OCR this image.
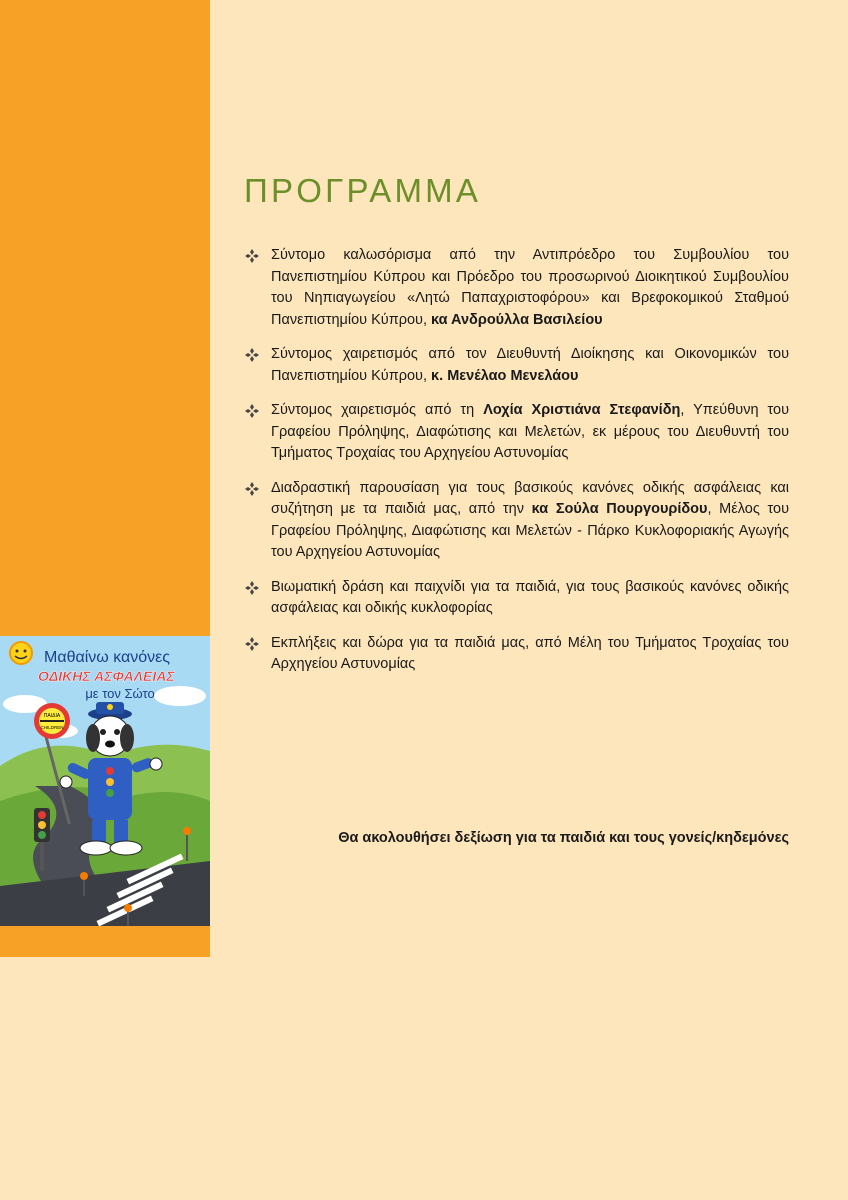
ΠΑΙΔΙΑ
CHILDREN
Μαθαίνω κανόνες
ΟΔΙΚΗΣ ΑΣΦΑΛΕΙΑΣ
με τον Σώτο
ΠΡΟΓΡΑΜΜΑ
Σύντομο καλωσόρισμα από την Αντιπρόεδρο του Συμβουλίου του Πανεπιστημίου Κύπρου και Πρόεδρο του προσωρινού Διοικητικού Συμβουλίου του Νηπιαγωγείου «Λητώ Παπαχριστοφόρου» και Βρεφοκομικού Σταθμού Πανεπιστημίου Κύπρου, κα Ανδρούλλα Βασιλείου
Σύντομος χαιρετισμός από τον Διευθυντή Διοίκησης και Οικονομικών του Πανεπιστημίου Κύπρου, κ. Μενέλαο Μενελάου
Σύντομος χαιρετισμός από τη Λοχία Χριστιάνα Στεφανίδη, Υπεύθυνη του Γραφείου Πρόληψης, Διαφώτισης και Μελετών, εκ μέρους του Διευθυντή του Τμήματος Τροχαίας του Αρχηγείου Αστυνομίας
Διαδραστική παρουσίαση για τους βασικούς κανόνες οδικής ασφάλειας και συζήτηση με τα παιδιά μας, από την κα Σούλα Πουργουρίδου, Μέλος του Γραφείου Πρόληψης, Διαφώτισης και Μελετών - Πάρκο Κυκλοφοριακής Αγωγής του Αρχηγείου Αστυνομίας
Βιωματική δράση και παιχνίδι για τα παιδιά, για τους βασικούς κανόνες οδικής ασφάλειας και οδικής κυκλοφορίας
Εκπλήξεις και δώρα για τα παιδιά μας, από Μέλη του Τμήματος Τροχαίας του Αρχηγείου Αστυνομίας
Θα ακολουθήσει δεξίωση για τα παιδιά και τους γονείς/κηδεμόνες
